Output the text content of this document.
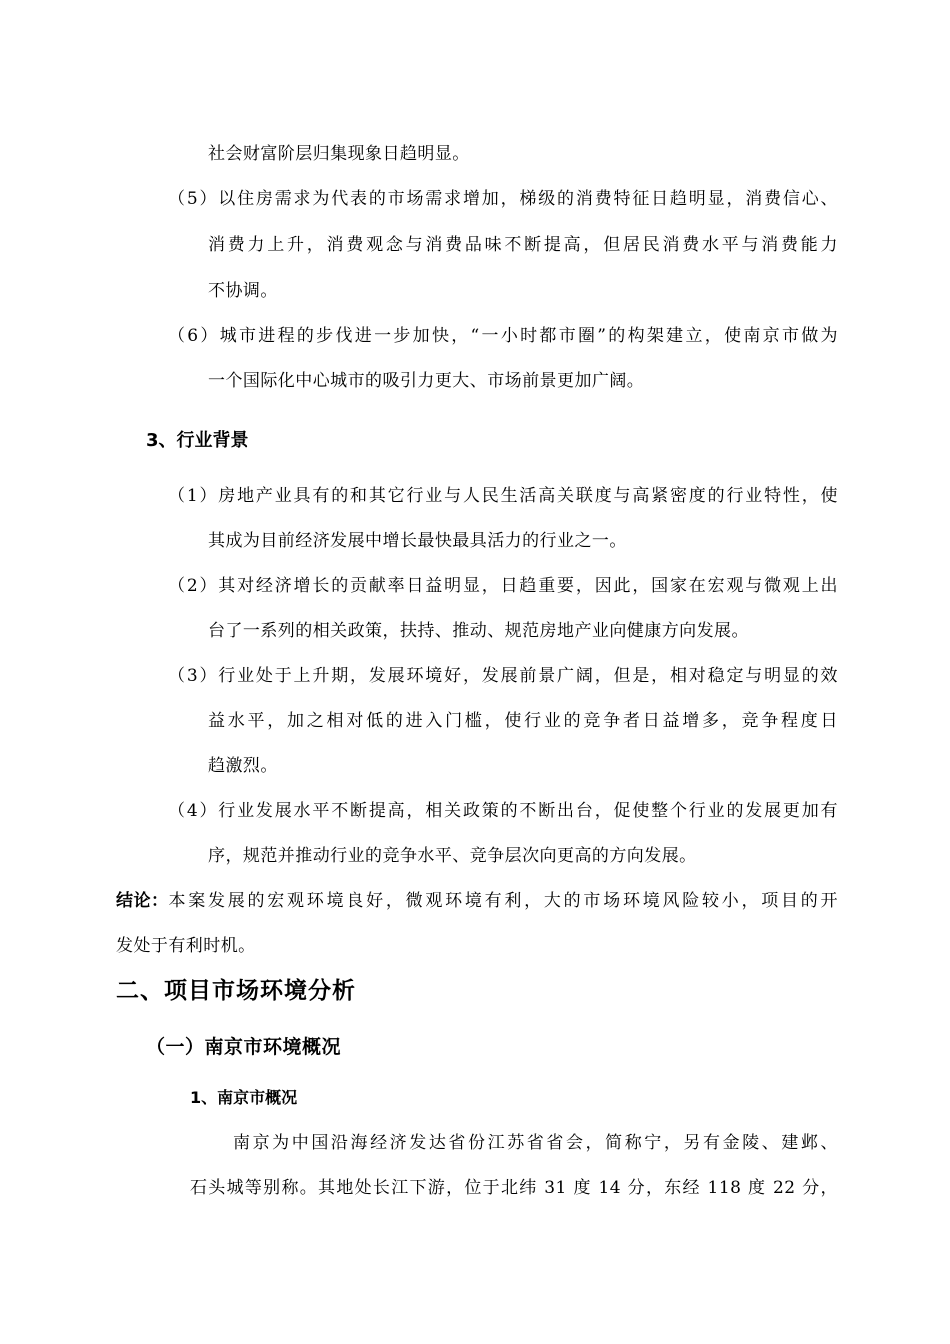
社会财富阶层归集现象日趋明显。
（5）以住房需求为代表的市场需求增加，梯级的消费特征日趋明显，消费信心、
消费力上升，消费观念与消费品味不断提高，但居民消费水平与消费能力
不协调。
（6）城市进程的步伐进一步加快，“一小时都市圈”的构架建立，使南京市做为
一个国际化中心城市的吸引力更大、市场前景更加广阔。
3、行业背景
（1）房地产业具有的和其它行业与人民生活高关联度与高紧密度的行业特性，使
其成为目前经济发展中增长最快最具活力的行业之一。
（2）其对经济增长的贡献率日益明显，日趋重要，因此，国家在宏观与微观上出
台了一系列的相关政策，扶持、推动、规范房地产业向健康方向发展。
（3）行业处于上升期，发展环境好，发展前景广阔，但是，相对稳定与明显的效
益水平，加之相对低的进入门槛，使行业的竞争者日益增多，竞争程度日
趋激烈。
（4）行业发展水平不断提高，相关政策的不断出台，促使整个行业的发展更加有
序，规范并推动行业的竞争水平、竞争层次向更高的方向发展。
结论： 本案发展的宏观环境良好，微观环境有利，大的市场环境风险较小，项目的开
发处于有利时机。
二、项目市场环境分析
（一）南京市环境概况
1、南京市概况
南京为中国沿海经济发达省份江苏省省会，简称宁，另有金陵、建邺、
石头城等别称。其地处长江下游，位于北纬 31 度 14 分，东经 118 度 22 分，
